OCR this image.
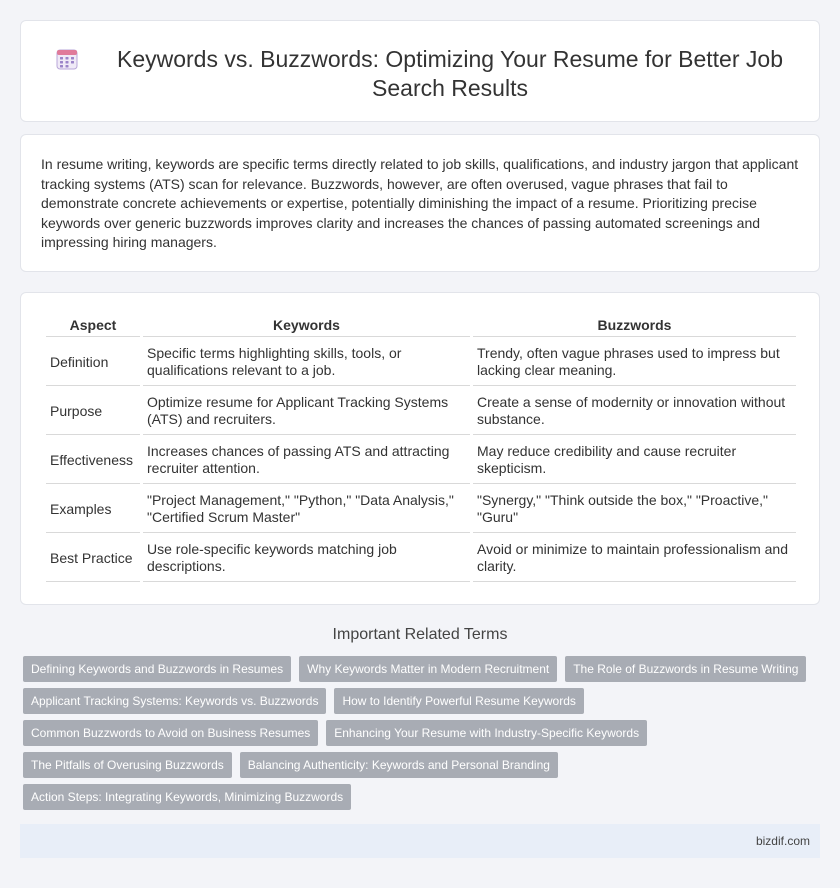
Keywords vs. Buzzwords: Optimizing Your Resume for Better Job Search Results

In resume writing, keywords are specific terms directly related to job skills, qualifications, and industry jargon that applicant tracking systems (ATS) scan for relevance. Buzzwords, however, are often overused, vague phrases that fail to demonstrate concrete achievements or expertise, potentially diminishing the impact of a resume. Prioritizing precise keywords over generic buzzwords improves clarity and increases the chances of passing automated screenings and impressing hiring managers.

Aspect	Keywords	Buzzwords
Definition	Specific terms highlighting skills, tools, or qualifications relevant to a job.	Trendy, often vague phrases used to impress but lacking clear meaning.
Purpose	Optimize resume for Applicant Tracking Systems (ATS) and recruiters.	Create a sense of modernity or innovation without substance.
Effectiveness	Increases chances of passing ATS and attracting recruiter attention.	May reduce credibility and cause recruiter skepticism.
Examples	"Project Management," "Python," "Data Analysis," "Certified Scrum Master"	"Synergy," "Think outside the box," "Proactive," "Guru"
Best Practice	Use role-specific keywords matching job descriptions.	Avoid or minimize to maintain professionalism and clarity.
Important Related Terms
Defining Keywords and Buzzwords in Resumes	Why Keywords Matter in Modern Recruitment	The Role of Buzzwords in Resume Writing
Applicant Tracking Systems: Keywords vs. Buzzwords	How to Identify Powerful Resume Keywords
Common Buzzwords to Avoid on Business Resumes	Enhancing Your Resume with Industry-Specific Keywords
The Pitfalls of Overusing Buzzwords	Balancing Authenticity: Keywords and Personal Branding
Action Steps: Integrating Keywords, Minimizing Buzzwords
bizdif.com
